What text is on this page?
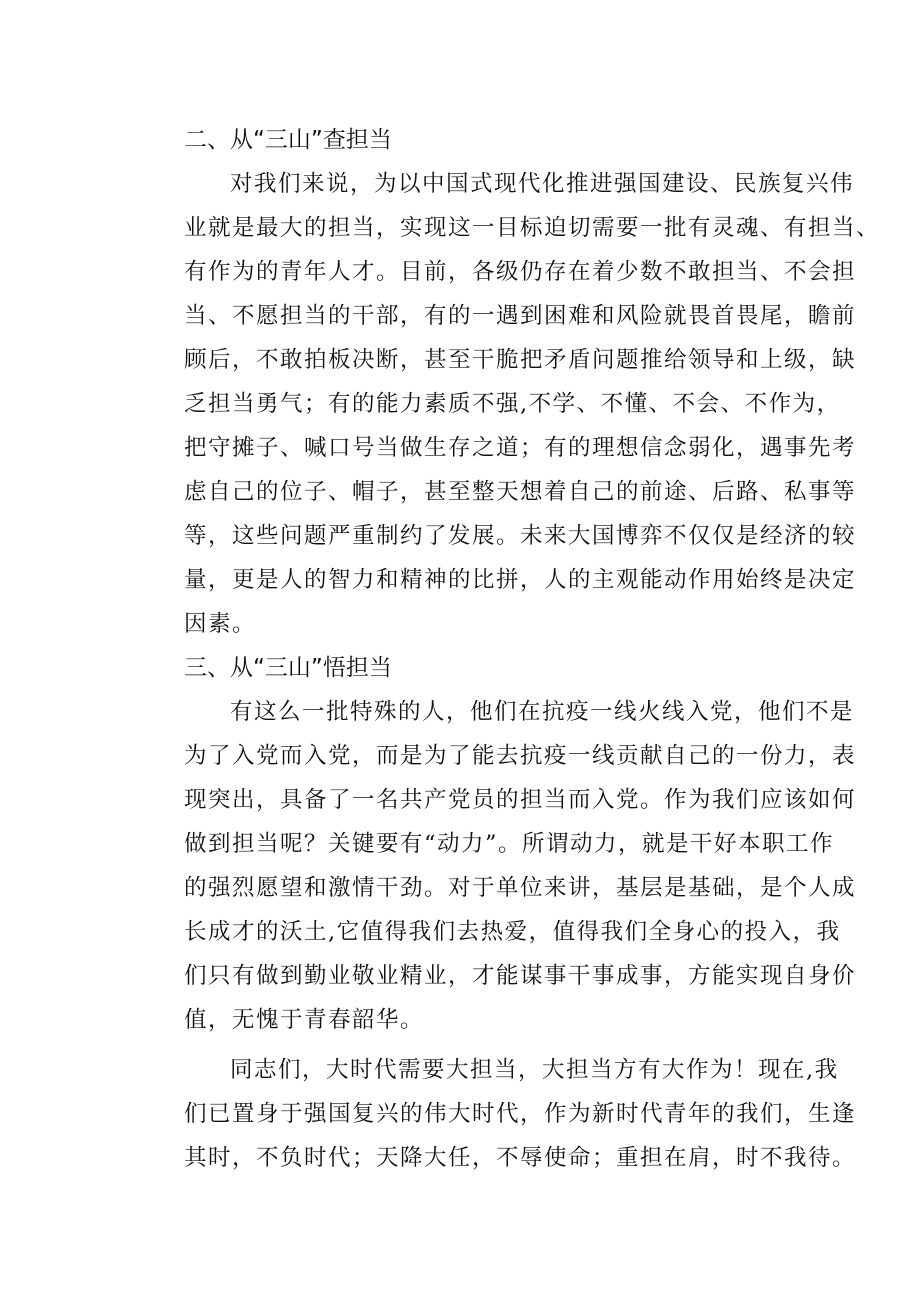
二、从“三山”查担当
对我们来说，为以中国式现代化推进强国建设、民族复兴伟
业就是最大的担当，实现这一目标迫切需要一批有灵魂、有担当、
有作为的青年人才。目前，各级仍存在着少数不敢担当、不会担
当、不愿担当的干部，有的一遇到困难和风险就畏首畏尾，瞻前
顾后，不敢拍板决断，甚至干脆把矛盾问题推给领导和上级，缺
乏担当勇气；有的能力素质不强,不学、不懂、不会、不作为，
把守摊子、喊口号当做生存之道；有的理想信念弱化，遇事先考
虑自己的位子、帽子，甚至整天想着自己的前途、后路、私事等
等，这些问题严重制约了发展。未来大国博弈不仅仅是经济的较
量，更是人的智力和精神的比拼，人的主观能动作用始终是决定
因素。
三、从“三山”悟担当
有这么一批特殊的人，他们在抗疫一线火线入党，他们不是
为了入党而入党，而是为了能去抗疫一线贡献自己的一份力，表
现突出，具备了一名共产党员的担当而入党。作为我们应该如何
做到担当呢？关键要有“动力”。所谓动力，就是干好本职工作
的强烈愿望和激情干劲。对于单位来讲，基层是基础，是个人成
长成才的沃土,它值得我们去热爱，值得我们全身心的投入，我
们只有做到勤业敬业精业，才能谋事干事成事，方能实现自身价
值，无愧于青春韶华。
同志们，大时代需要大担当，大担当方有大作为！现在,我
们已置身于强国复兴的伟大时代，作为新时代青年的我们，生逢
其时，不负时代；天降大任，不辱使命；重担在肩，时不我待。
